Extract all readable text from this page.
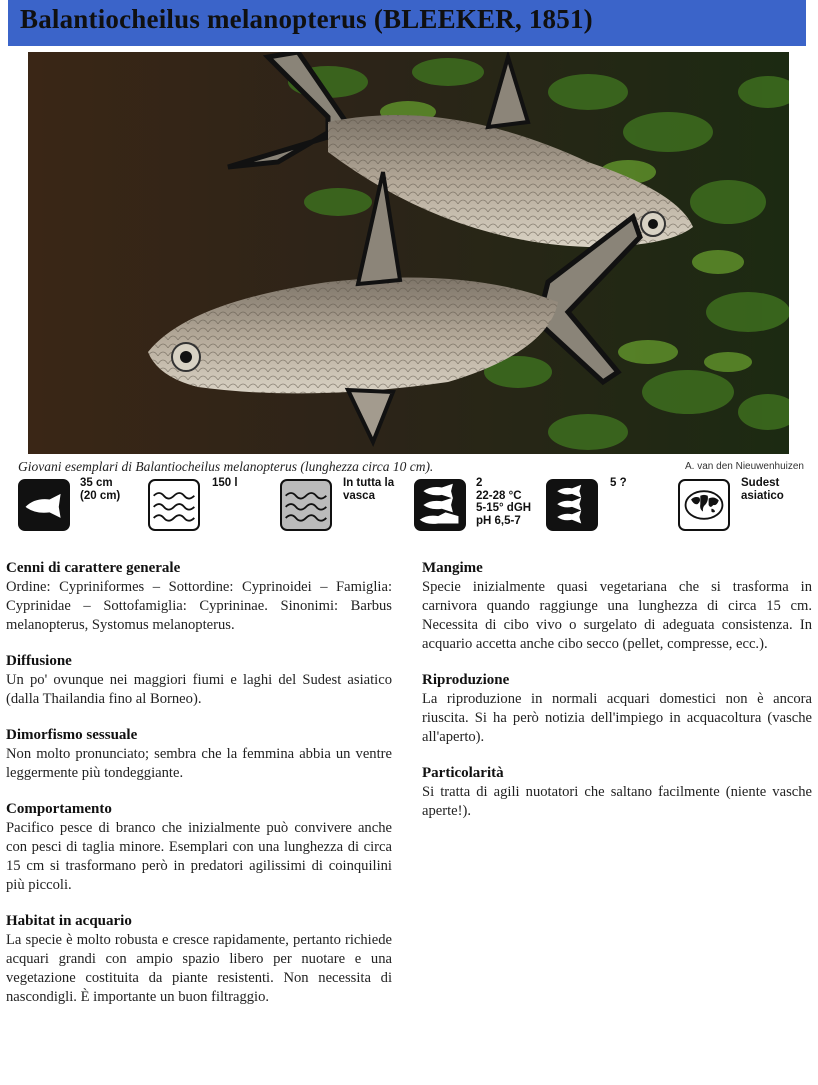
Balantiocheilus melanopterus (BLEEKER, 1851)
Giovani esemplari di Balantiocheilus melanopterus (lunghezza circa 10 cm).	A. van den Nieuwenhuizen
35 cm
(20 cm)
150 l	In tutta la
vasca
2
22-28 °C
5-15° dGH
pH 6,5-7
5 ?	Sudest
asiatico
Cenni di carattere generale

Ordine: Cypriniformes – Sottordine: Cyprinoidei – Famiglia: Cyprinidae – Sottofamiglia: Cyprininae. Sinonimi: Barbus melanopterus, Systomus melanopterus.

Diffusione

Un po' ovunque nei maggiori fiumi e laghi del Sudest asiatico (dalla Thailandia fino al Borneo).

Dimorfismo sessuale

Non molto pronunciato; sembra che la femmina abbia un ventre leggermente più tondeggiante.

Comportamento

Pacifico pesce di branco che inizialmente può convivere anche con pesci di taglia minore. Esemplari con una lunghezza di circa 15 cm si trasformano però in predatori agilissimi di coinquilini più piccoli.

Habitat in acquario

La specie è molto robusta e cresce rapidamente, pertanto richiede acquari grandi con ampio spazio libero per nuotare e una vegetazione costituita da piante resistenti. Non necessita di nascondigli. È importante un buon filtraggio.

Mangime

Specie inizialmente quasi vegetariana che si trasforma in carnivora quando raggiunge una lunghezza di circa 15 cm. Necessita di cibo vivo o surgelato di adeguata consistenza. In acquario accetta anche cibo secco (pellet, compresse, ecc.).

Riproduzione

La riproduzione in normali acquari domestici non è ancora riuscita. Si ha però notizia dell'impiego in acquacoltura (vasche all'aperto).

Particolarità

Si tratta di agili nuotatori che saltano facilmente (niente vasche aperte!).
